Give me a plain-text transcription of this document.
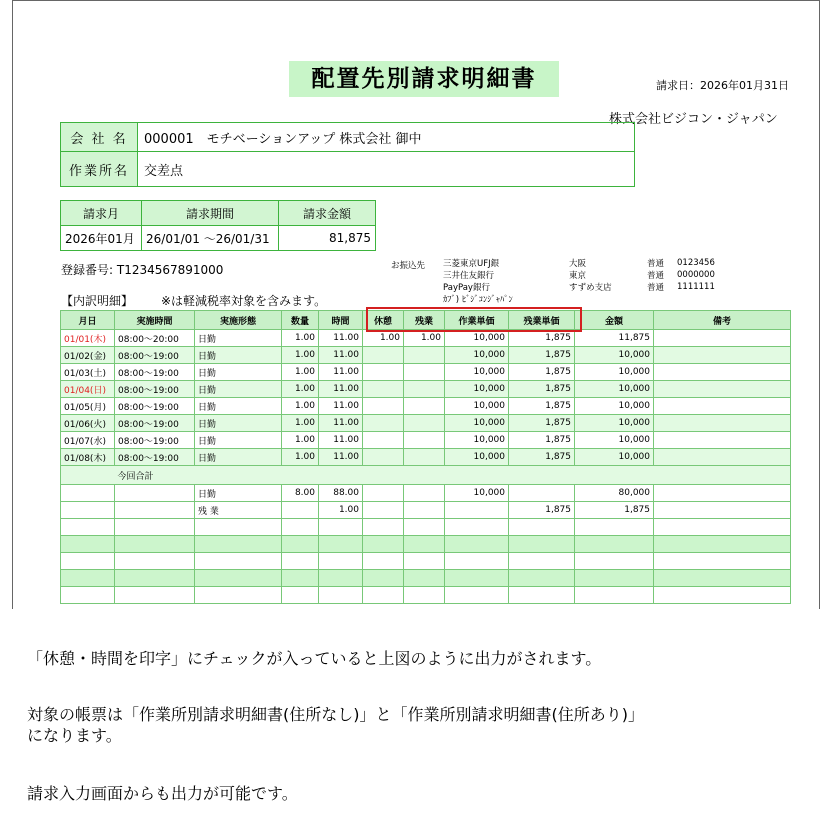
配置先別請求明細書	請求日：2026年01月31日
株式会社ビジコン・ジャパン
会 社 名	000001　モチベーションアップ 株式会社 御中
作業所名	交差点
請求月	請求期間	請求金額
2026年01月	26/01/01 ～26/01/31	81,875
登録番号: T1234567891000	お振込先 三菱東京UFJ銀	大阪	普通	0123456
三井住友銀行	東京	普通	0000000
PayPay銀行	すずめ支店	普通	1111111
ｶﾌﾞ) ﾋﾞｼﾞｺﾝｼﾞｬﾊﾟﾝ			
【内訳明細】 ※は軽減税率対象を含みます。
月日	実施時間	実施形態	数量	時間	休憩	残業	作業単価	残業単価	金額	備考
01/01(木)	08:00～20:00	日勤	1.00	11.00	1.00	1.00	10,000	1,875	11,875	
01/02(金)	08:00～19:00	日勤	1.00	11.00			10,000	1,875	10,000	
01/03(土)	08:00～19:00	日勤	1.00	11.00			10,000	1,875	10,000	
01/04(日)	08:00～19:00	日勤	1.00	11.00			10,000	1,875	10,000	
01/05(月)	08:00～19:00	日勤	1.00	11.00			10,000	1,875	10,000	
01/06(火)	08:00～19:00	日勤	1.00	11.00			10,000	1,875	10,000	
01/07(水)	08:00～19:00	日勤	1.00	11.00			10,000	1,875	10,000	
01/08(木)	08:00～19:00	日勤	1.00	11.00			10,000	1,875	10,000	
	今回合計									
		日勤	8.00	88.00			10,000		80,000	
		残 業		1.00				1,875	1,875	

「休憩・時間を印字」にチェックが入っていると上図のように出力がされます。
対象の帳票は「作業所別請求明細書(住所なし)」と「作業所別請求明細書(住所あり)」
になります。
請求入力画面からも出力が可能です。
